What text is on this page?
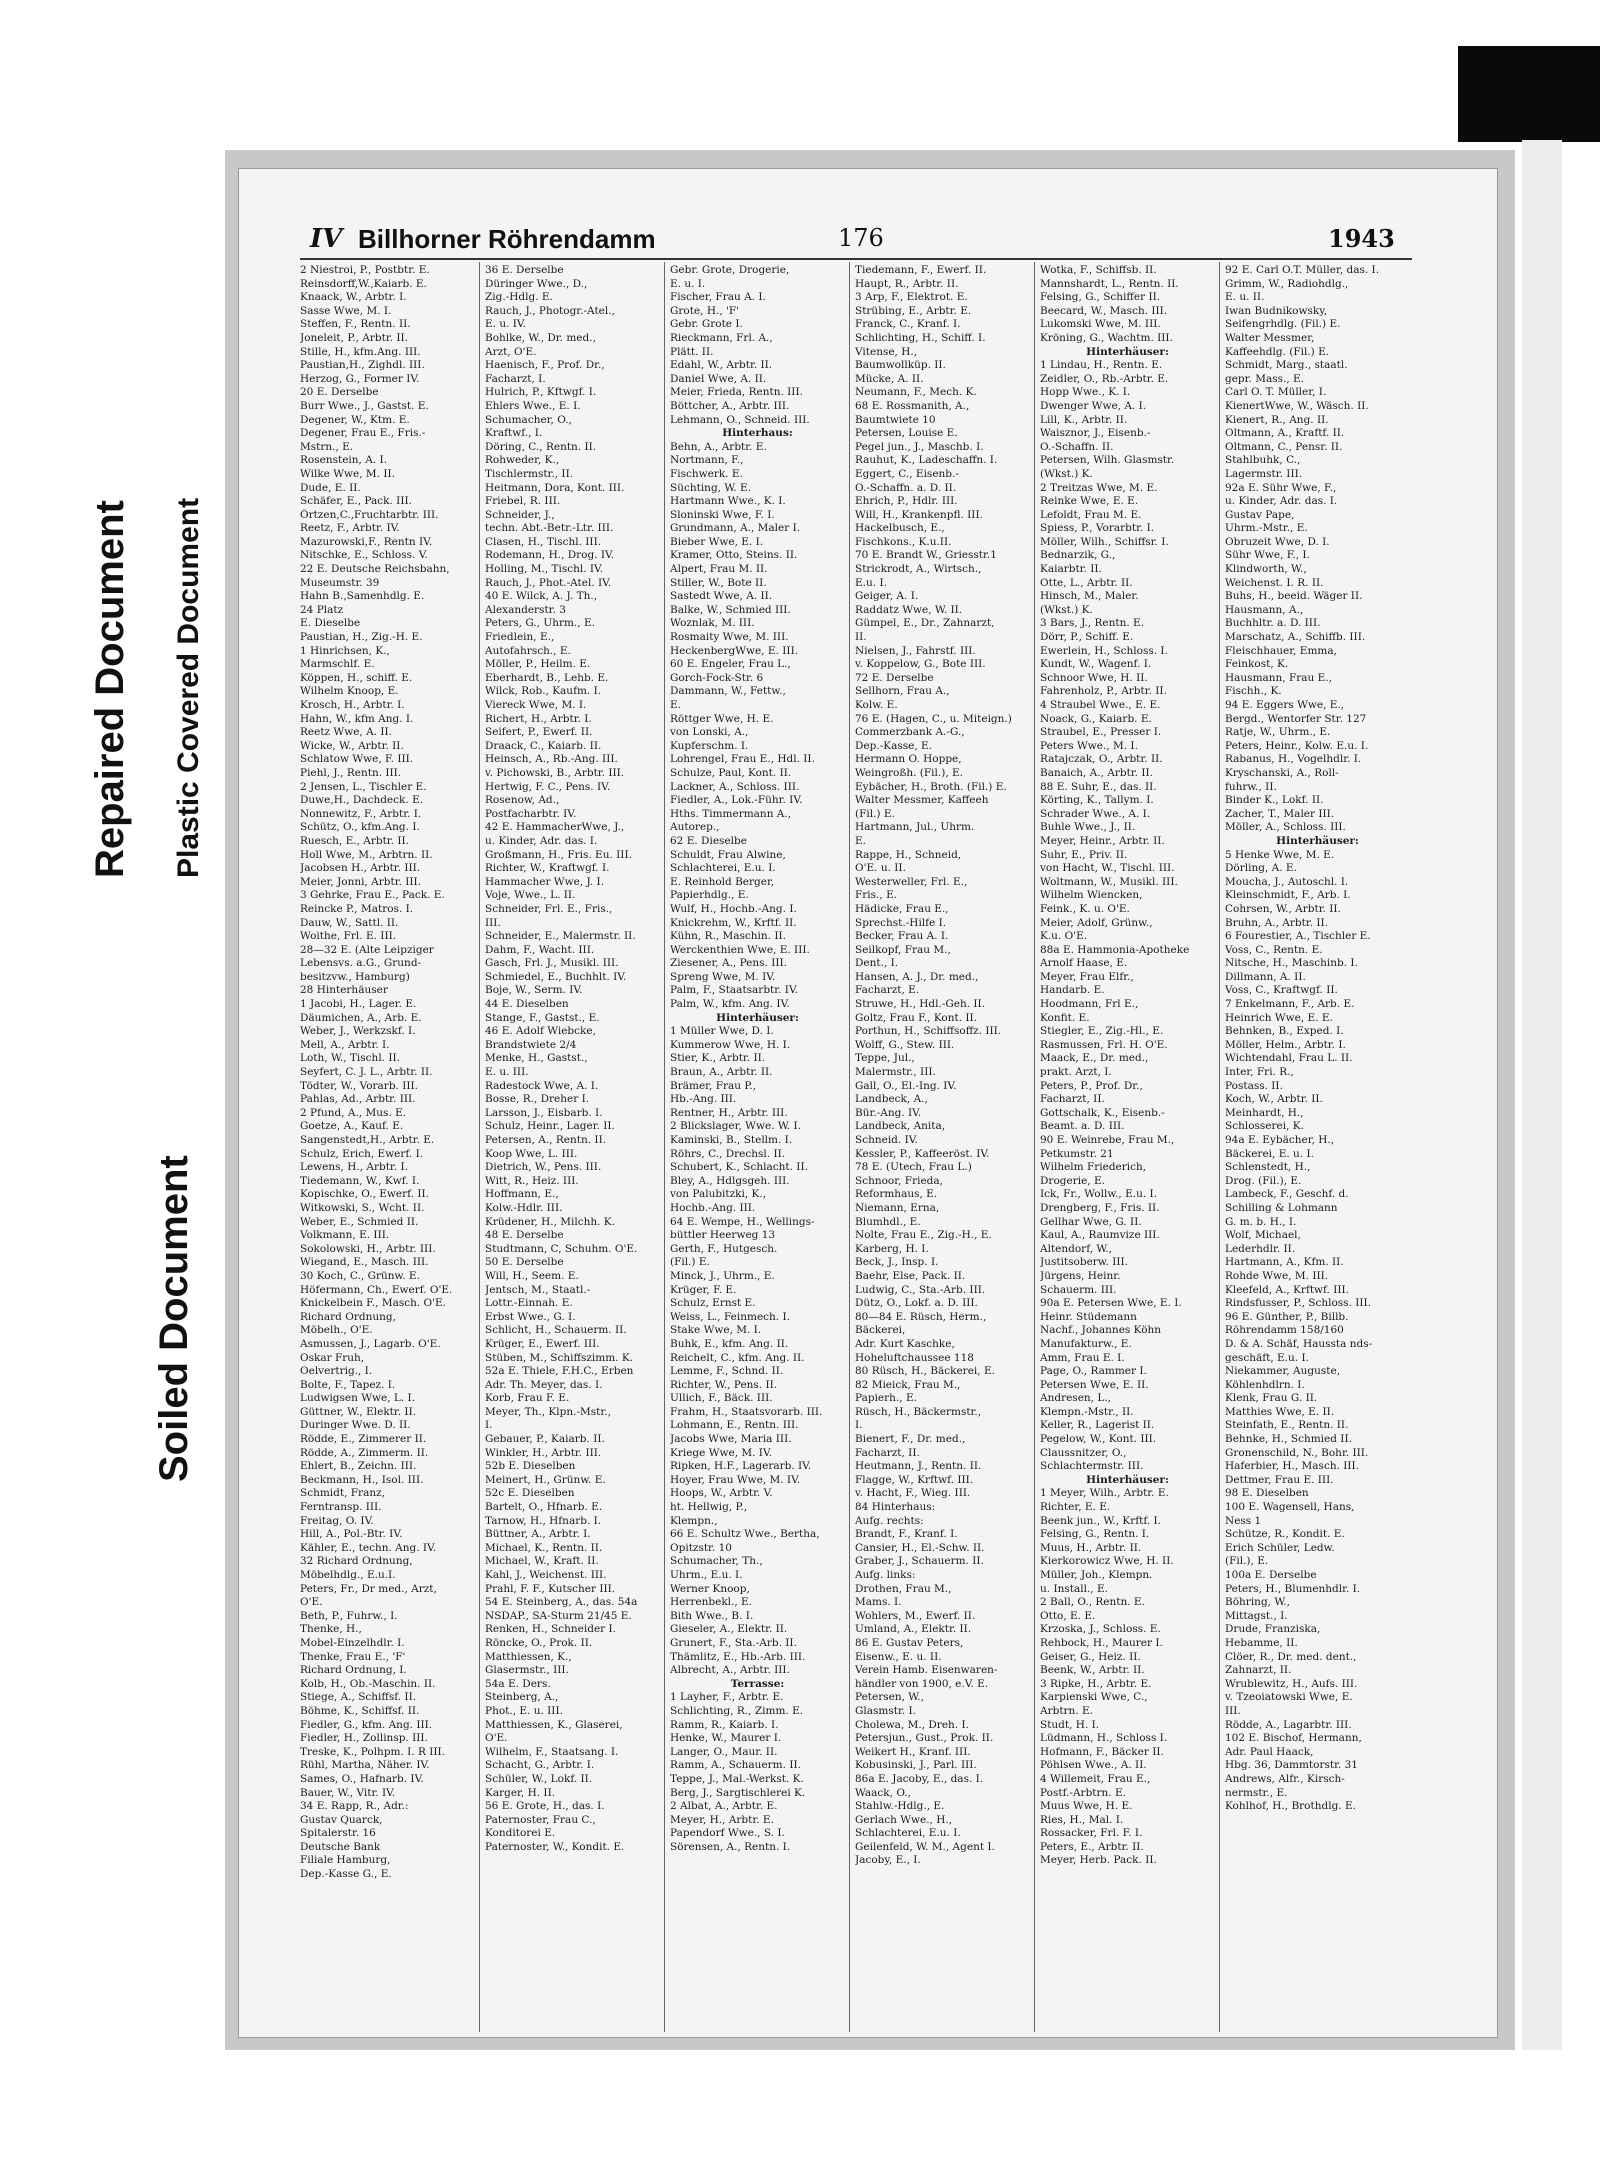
Repaired Document Plastic Covered Document
Soiled Document
IV Billhorner Röhrendamm	176	1943
2 Niestroi, P., Postbtr. E.
Reinsdorff,W.,Kaiarb. E.
Knaack, W., Arbtr. I.
Sasse Wwe, M. I.
Steffen, F., Rentn. II.
Joneleit, P., Arbtr. II.
Stille, H., kfm.Ang. III.
Paustian,H., Zighdl. III.
Herzog, G., Former IV.
20 E. Derselbe
Burr Wwe., J., Gastst. E.
Degener, W., Ktm. E.
Degener, Frau E., Fris.-
Mstrn., E.
Rosenstein, A. I.
Wilke Wwe, M. II.
Dude, E. II.
Schäfer, E., Pack. III.
Örtzen,C.,Fruchtarbtr. III.
Reetz, F., Arbtr. IV.
Mazurowski,F., Rentn IV.
Nitschke, E., Schloss. V.
22 E. Deutsche Reichsbahn,
Museumstr. 39
Hahn B.,Samenhdlg. E.
24 Platz
E. Dieselbe
Paustian, H., Zig.-H. E.
1 Hinrichsen, K.,
Marmschlf. E.
Köppen, H., schiff. E.
Wilhelm Knoop, E.
Krosch, H., Arbtr. I.
Hahn, W., kfm Ang. I.
Reetz Wwe, A. II.
Wicke, W., Arbtr. II.
Schlatow Wwe, F. III.
Piehl, J., Rentn. III.
2 Jensen, L., Tischler E.
Duwe,H., Dachdeck. E.
Nonnewitz, F., Arbtr. I.
Schütz, O., kfm.Ang. I.
Ruesch, E., Arbtr. II.
Holl Wwe, M., Arbtrn. II.
Jacobsen H., Arbtr. III.
Meier, Jonni, Arbtr. III.
3 Gehrke, Frau E., Pack. E.
Reincke P., Matros. I.
Dauw, W., Sattl. II.
Woithe, Frl. E. III.
28—32 E. (Alte Leipziger
Lebensvs. a.G., Grund-
besitzvw., Hamburg)
28 Hinterhäuser
1 Jacobi, H., Lager. E.
Däumichen, A., Arb. E.
Weber, J., Werkzskf. I.
Mell, A., Arbtr. I.
Loth, W., Tischl. II.
Seyfert, C. J. L., Arbtr. II.
Tödter, W., Vorarb. III.
Pahlas, Ad., Arbtr. III.
2 Pfund, A., Mus. E.
Goetze, A., Kauf. E.
Sangenstedt,H., Arbtr. E.
Schulz, Erich, Ewerf. I.
Lewens, H., Arbtr. I.
Tiedemann, W., Kwf. I.
Kopischke, O., Ewerf. II.
Witkowski, S., Wcht. II.
Weber, E., Schmied II.
Volkmann, E. III.
Sokolowski, H., Arbtr. III.
Wiegand, E., Masch. III.
30 Koch, C., Grünw. E.
Höfermann, Ch., Ewerf. O'E.
Knickelbein F., Masch. O'E.
Richard Ordnung,
Möbelh., O'E.
Asmussen, J., Lagarb. O'E.
Oskar Fruh,
Oelvertrig., I.
Bolte, F., Tapez. I.
Ludwigsen Wwe, L. I.
Güttner, W., Elektr. II.
Duringer Wwe. D. II.
Rödde, E., Zimmerer II.
Rödde, A., Zimmerm. II.
Ehlert, B., Zeichn. III.
Beckmann, H., Isol. III.
Schmidt, Franz,
Ferntransp. III.
Freitag, O. IV.
Hill, A., Pol.-Btr. IV.
Kähler, E., techn. Ang. IV.
32 Richard Ordnung,
Möbelhdlg., E.u.I.
Peters, Fr., Dr med., Arzt,
O'E.
Beth, P., Fuhrw., I.
Thenke, H.,
Mobel-Einzelhdlr. I.
Thenke, Frau E., 'F'
Richard Ordnung, I.
Kolb, H., Ob.-Maschin. II.
Stiege, A., Schiffsf. II.
Böhme, K., Schiffsf. II.
Fiedler, G., kfm. Ang. III.
Fiedler, H., Zollinsp. III.
Treske, K., Polhpm. I. R III.
Rühl, Martha, Näher. IV.
Sames, O., Hafnarb. IV.
Bauer, W., Vitr. IV.
34 E. Rapp, R., Adr.:
Gustav Quarck,
Spitalerstr. 16
Deutsche Bank
Filiale Hamburg,
Dep.-Kasse G., E.
36 E. Derselbe
Düringer Wwe., D.,
Zig.-Hdlg. E.
Rauch, J., Photogr.-Atel.,
E. u. IV.
Bohlke, W., Dr. med.,
Arzt, O'E.
Haenisch, F., Prof. Dr.,
Facharzt, I.
Hulrich, P., Kftwgf. I.
Ehlers Wwe., E. I.
Schumacher, O.,
Kraftwf., I.
Döring, C., Rentn. II.
Rohweder, K.,
Tischlermstr., II.
Heitmann, Dora, Kont. III.
Friebel, R. III.
Schneider, J.,
techn. Abt.-Betr.-Ltr. III.
Clasen, H., Tischl. III.
Rodemann, H., Drog. IV.
Holling, M., Tischl. IV.
Rauch, J., Phot.-Atel. IV.
40 E. Wilck, A. J. Th.,
Alexanderstr. 3
Peters, G., Uhrm., E.
Friedlein, E.,
Autofahrsch., E.
Möller, P., Heilm. E.
Eberhardt, B., Lehb. E.
Wilck, Rob., Kaufm. I.
Viereck Wwe, M. I.
Richert, H., Arbtr. I.
Seifert, P., Ewerf. II.
Draack, C., Kaiarb. II.
Heinsch, A., Rb.-Ang. III.
v. Pichowski, B., Arbtr. III.
Hertwig, F. C., Pens. IV.
Rosenow, Ad.,
Postfacharbtr. IV.
42 E. HammacherWwe, J.,
u. Kinder, Adr. das. I.
Großmann, H., Fris. Eu. III.
Richter, W., Kraftwgf. I.
Hammacher Wwe, J. I.
Voje, Wwe., L. II.
Schneider, Frl. E., Fris.,
III.
Schneider, E., Malermstr. II.
Dahm, F., Wacht. III.
Gasch, Frl. J., Musikl. III.
Schmiedel, E., Buchhlt. IV.
Boje, W., Serm. IV.
44 E. Dieselben
Stange, F., Gastst., E.
46 E. Adolf Wiebcke,
Brandstwiete 2/4
Menke, H., Gastst.,
E. u. III.
Radestock Wwe, A. I.
Bosse, R., Dreher I.
Larsson, J., Eisbarb. I.
Schulz, Heinr., Lager. II.
Petersen, A., Rentn. II.
Koop Wwe, L. III.
Dietrich, W., Pens. III.
Witt, R., Heiz. III.
Hoffmann, E.,
Kolw.-Hdlr. III.
Krüdener, H., Milchh. K.
48 E. Derselbe
Studtmann, C, Schuhm. O'E.
50 E. Derselbe
Will, H., Seem. E.
Jentsch, M., Staatl.-
Lottr.-Einnah. E.
Erbst Wwe., G. I.
Schlicht, H., Schauerm. II.
Krüger, E., Ewerf. III.
Stüben, M., Schiffszimm. K.
52a E. Thiele, F.H.C., Erben
Adr. Th. Meyer, das. I.
Korb, Frau F. E.
Meyer, Th., Klpn.-Mstr.,
I.
Gebauer, P., Kaiarb. II.
Winkler, H., Arbtr. III.
52b E. Dieselben
Meinert, H., Grünw. E.
52c E. Dieselben
Bartelt, O., Hfnarb. E.
Tarnow, H., Hfnarb. I.
Büttner, A., Arbtr. I.
Michael, K., Rentn. II.
Michael, W., Kraft. II.
Kahl, J., Weichenst. III.
Prahl, F. F., Kutscher III.
54 E. Steinberg, A., das. 54a
NSDAP., SA-Sturm 21/45 E.
Renken, H., Schneider I.
Röncke, O., Prok. II.
Matthiessen, K.,
Glasermstr., III.
54a E. Ders.
Steinberg, A.,
Phot., E. u. III.
Matthiessen, K., Glaserei,
O'E.
Wilhelm, F., Staatsang. I.
Schacht, G., Arbtr. I.
Schüler, W., Lokf. II.
Karger, H. II.
56 E. Grote, H., das. I.
Paternoster, Frau C.,
Konditorei E.
Paternoster, W., Kondit. E.
Gebr. Grote, Drogerie,
E. u. I.
Fischer, Frau A. I.
Grote, H., 'F'
Gebr. Grote I.
Rieckmann, Frl. A.,
Plätt. II.
Edahl, W., Arbtr. II.
Daniel Wwe, A. II.
Meier, Frieda, Rentn. III.
Böttcher, A., Arbtr. III.
Lehmann, O., Schneid. III.
Hinterhaus:
Behn, A., Arbtr. E.
Nortmann, F.,
Fischwerk. E.
Süchting, W. E.
Hartmann Wwe., K. I.
Sloninski Wwe, F. I.
Grundmann, A., Maler I.
Bieber Wwe, E. I.
Kramer, Otto, Steins. II.
Alpert, Frau M. II.
Stiller, W., Bote II.
Sastedt Wwe, A. II.
Balke, W., Schmied III.
Woznlak, M. III.
Rosmaity Wwe, M. III.
HeckenbergWwe, E. III.
60 E. Engeler, Frau L.,
Gorch-Fock-Str. 6
Dammann, W., Fettw.,
E.
Röttger Wwe, H. E.
von Lonski, A.,
Kupferschm. I.
Lohrengel, Frau E., Hdl. II.
Schulze, Paul, Kont. II.
Lackner, A., Schloss. III.
Fiedler, A., Lok.-Führ. IV.
Hths. Timmermann A.,
Autorep.,
62 E. Dieselbe
Schuldt, Frau Alwine,
Schlachterei, E.u. I.
E. Reinhold Berger,
Papierhdlg., E.
Wulf, H., Hochb.-Ang. I.
Knickrehm, W., Krftf. II.
Kühn, R., Maschin. II.
Werckenthien Wwe, E. III.
Ziesener, A., Pens. III.
Spreng Wwe, M. IV.
Palm, F., Staatsarbtr. IV.
Palm, W., kfm. Ang. IV.
Hinterhäuser:
1 Müller Wwe, D. I.
Kummerow Wwe, H. I.
Stier, K., Arbtr. II.
Braun, A., Arbtr. II.
Brämer, Frau P.,
Hb.-Ang. III.
Rentner, H., Arbtr. III.
2 Blickslager, Wwe. W. I.
Kaminski, B., Stellm. I.
Röhrs, C., Drechsl. II.
Schubert, K., Schlacht. II.
Bley, A., Hdlgsgeh. III.
von Palubitzki, K.,
Hochb.-Ang. III.
64 E. Wempe, H., Wellings-
büttler Heerweg 13
Gerth, F., Hutgesch.
(Fil.) E.
Minck, J., Uhrm., E.
Krüger, F. E.
Schulz, Ernst E.
Weiss, L., Feinmech. I.
Stake Wwe, M. I.
Buhk, E., kfm. Ang. II.
Reichelt, C., kfm. Ang. II.
Lemme, F., Schnd. II.
Richter, W., Pens. II.
Ullich, F., Bäck. III.
Frahm, H., Staatsvorarb. III.
Lohmann, E., Rentn. III.
Jacobs Wwe, Maria III.
Kriege Wwe, M. IV.
Ripken, H.F., Lagerarb. IV.
Hoyer, Frau Wwe, M. IV.
Hoops, W., Arbtr. V.
ht. Hellwig, P.,
Klempn.,
66 E. Schultz Wwe., Bertha,
Opitzstr. 10
Schumacher, Th.,
Uhrm., E.u. I.
Werner Knoop,
Herrenbekl., E.
Bith Wwe., B. I.
Gieseler, A., Elektr. II.
Grunert, F., Sta.-Arb. II.
Thämlitz, E., Hb.-Arb. III.
Albrecht, A., Arbtr. III.
Terrasse:
1 Layher, F., Arbtr. E.
Schlichting, R., Zimm. E.
Ramm, R., Kaiarb. I.
Henke, W., Maurer I.
Langer, O., Maur. II.
Ramm, A., Schauerm. II.
Teppe, J., Mal.-Werkst. K.
Berg, J., Sargtischlerei K.
2 Albat, A., Arbtr. E.
Meyer, H., Arbtr. E.
Papendorf Wwe., S. I.
Sörensen, A., Rentn. I.
Tiedemann, F., Ewerf. II.
Haupt, R., Arbtr. II.
3 Arp, F., Elektrot. E.
Strübing, E., Arbtr. E.
Franck, C., Kranf. I.
Schlichting, H., Schiff. I.
Vitense, H.,
Baumwollküp. II.
Mücke, A. II.
Neumann, F., Mech. K.
68 E. Rossmanith, A.,
Baumtwiete 10
Petersen, Louise E.
Pegel jun., J., Maschb. I.
Rauhut, K., Ladeschaffn. I.
Eggert, C., Eisenb.-
O.-Schaffn. a. D. II.
Ehrich, P., Hdlr. III.
Will, H., Krankenpfl. III.
Hackelbusch, E.,
Fischkons., K.u.II.
70 E. Brandt W., Griesstr.1
Strickrodt, A., Wirtsch.,
E.u. I.
Geiger, A. I.
Raddatz Wwe, W. II.
Gümpel, E., Dr., Zahnarzt,
II.
Nielsen, J., Fahrstf. III.
v. Koppelow, G., Bote III.
72 E. Derselbe
Sellhorn, Frau A.,
Kolw. E.
76 E. (Hagen, C., u. Miteign.)
Commerzbank A.-G.,
Dep.-Kasse, E.
Hermann O. Hoppe,
Weingroßh. (Fil.), E.
Eybächer, H., Broth. (Fil.) E.
Walter Messmer, Kaffeeh
(Fil.) E.
Hartmann, Jul., Uhrm.
E.
Rappe, H., Schneid,
O'E. u. II.
Westerweller, Frl. E.,
Fris., E.
Hädicke, Frau E.,
Sprechst.-Hilfe I.
Becker, Frau A. I.
Seilkopf, Frau M.,
Dent., I.
Hansen, A. J., Dr. med.,
Facharzt, E.
Struwe, H., Hdl.-Geh. II.
Goltz, Frau F., Kont. II.
Porthun, H., Schiffsoffz. III.
Wolff, G., Stew. III.
Teppe, Jul.,
Malermstr., III.
Gall, O., El.-Ing. IV.
Landbeck, A.,
Bür.-Ang. IV.
Landbeck, Anita,
Schneid. IV.
Kessler, P., Kaffeeröst. IV.
78 E. (Utech, Frau L.)
Schnoor, Frieda,
Reformhaus, E.
Niemann, Erna,
Blumhdl., E.
Nolte, Frau E., Zig.-H., E.
Karberg, H. I.
Beck, J., Insp. I.
Baehr, Else, Pack. II.
Ludwig, C., Sta.-Arb. III.
Dütz, O., Lokf. a. D. III.
80—84 E. Rüsch, Herm.,
Bäckerei,
Adr. Kurt Kaschke,
Hoheluftchaussee 118
80 Rüsch, H., Bäckerei, E.
82 Mieick, Frau M.,
Papierh., E.
Rüsch, H., Bäckermstr.,
I.
Bienert, F., Dr. med.,
Facharzt, II.
Heutmann, J., Rentn. II.
Flagge, W., Krftwf. III.
v. Hacht, F., Wieg. III.
84 Hinterhaus:
Aufg. rechts:
Brandt, F., Kranf. I.
Cansier, H., El.-Schw. II.
Graber, J., Schauerm. II.
Aufg. links:
Drothen, Frau M.,
Mams. I.
Wohlers, M., Ewerf. II.
Umland, A., Elektr. II.
86 E. Gustav Peters,
Eisenw., E. u. II.
Verein Hamb. Eisenwaren-
händler von 1900, e.V. E.
Petersen, W.,
Glasmstr. I.
Cholewa, M., Dreh. I.
Petersjun., Gust., Prok. II.
Weikert H., Kranf. III.
Kobusinski, J., Parl. III.
86a E. Jacoby, E., das. I.
Waack, O.,
Stahlw.-Hdlg., E.
Gerlach Wwe., H.,
Schlachterei, E.u. I.
Geilenfeld, W. M., Agent I.
Jacoby, E., I.
Wotka, F., Schiffsb. II.
Mannshardt, L., Rentn. II.
Felsing, G., Schiffer II.
Beecard, W., Masch. III.
Lukomski Wwe, M. III.
Kröning, G., Wachtm. III.
Hinterhäuser:
1 Lindau, H., Rentn. E.
Zeidler, O., Rb.-Arbtr. E.
Hopp Wwe., K. I.
Dwenger Wwe, A. I.
Lill, K., Arbtr. II.
Waisznor, J., Eisenb.-
O.-Schaffn. II.
Petersen, Wilh. Glasmstr.
(Wkst.) K.
2 Treitzas Wwe, M. E.
Reinke Wwe, E. E.
Lefoldt, Frau M. E.
Spiess, P., Vorarbtr. I.
Möller, Wilh., Schiffsr. I.
Bednarzik, G.,
Kaiarbtr. II.
Otte, L., Arbtr. II.
Hinsch, M., Maler.
(Wkst.) K.
3 Bars, J., Rentn. E.
Dörr, P., Schiff. E.
Ewerlein, H., Schloss. I.
Kundt, W., Wagenf. I.
Schnoor Wwe, H. II.
Fahrenholz, P., Arbtr. II.
4 Straubel Wwe., E. E.
Noack, G., Kaiarb. E.
Straubel, E., Presser I.
Peters Wwe., M. I.
Ratajczak, O., Arbtr. II.
Banaich, A., Arbtr. II.
88 E. Suhr, E., das. II.
Körting, K., Tallym. I.
Schrader Wwe., A. I.
Buhle Wwe., J., II.
Meyer, Heinr., Arbtr. II.
Suhr, E., Priv. II.
von Hacht, W., Tischl. III.
Woltmann, W., Musikl. III.
Wilhelm Wiencken,
Feink., K. u. O'E.
Meier, Adolf, Grünw.,
K.u. O'E.
88a E. Hammonia-Apotheke
Arnolf Haase, E.
Meyer, Frau Elfr.,
Handarb. E.
Hoodmann, Frl E.,
Konfit. E.
Stiegler, E., Zig.-Hl., E.
Rasmussen, Frl. H. O'E.
Maack, E., Dr. med.,
prakt. Arzt, I.
Peters, P., Prof. Dr.,
Facharzt, II.
Gottschalk, K., Eisenb.-
Beamt. a. D. III.
90 E. Weinrebe, Frau M.,
Petkumstr. 21
Wilhelm Friederich,
Drogerie, E.
Ick, Fr., Wollw., E.u. I.
Drengberg, F., Fris. II.
Gellhar Wwe, G. II.
Kaul, A., Raumvize III.
Altendorf, W.,
Justitsoberw. III.
Jürgens, Heinr.
Schauerm. III.
90a E. Petersen Wwe, E. I.
Heinr. Stüdemann
Nachf., Johannes Köhn
Manufakturw., E.
Amm, Frau E. I.
Page, O., Rammer I.
Petersen Wwe, E. II.
Andresen, L.,
Klempn.-Mstr., II.
Keller, R., Lagerist II.
Pegelow, W., Kont. III.
Claussnitzer, O.,
Schlachtermstr. III.
Hinterhäuser:
1 Meyer, Wilh., Arbtr. E.
Richter, E. E.
Beenk jun., W., Krftf. I.
Felsing, G., Rentn. I.
Muus, H., Arbtr. II.
Kierkorowicz Wwe, H. II.
Müller, Joh., Klempn.
u. Install., E.
2 Ball, O., Rentn. E.
Otto, E. E.
Krzoska, J., Schloss. E.
Rehbock, H., Maurer I.
Geiser, G., Heiz. II.
Beenk, W., Arbtr. II.
3 Ripke, H., Arbtr. E.
Karpienski Wwe, C.,
Arbtrn. E.
Studt, H. I.
Lüdmann, H., Schloss I.
Hofmann, F., Bäcker II.
Pöhlsen Wwe., A. II.
4 Willemeit, Frau E.,
Postf.-Arbtrn. E.
Muus Wwe, H. E.
Ries, H., Mal. I.
Rossacker, Frl. F. I.
Peters, E., Arbtr. II.
Meyer, Herb. Pack. II.
92 E. Carl O.T. Müller, das. I.
Grimm, W., Radiohdlg.,
E. u. II.
Iwan Budnikowsky,
Seifengrhdlg. (Fil.) E.
Walter Messmer,
Kaffeehdlg. (Fil.) E.
Schmidt, Marg., staatl.
gepr. Mass., E.
Carl O. T. Müller, I.
KienertWwe, W., Wäsch. II.
Kienert, R., Ang. II.
Oltmann, A., Kraftf. II.
Oltmann, C., Pensr. II.
Stahlbuhk, C.,
Lagermstr. III.
92a E. Sühr Wwe, F.,
u. Kinder, Adr. das. I.
Gustav Pape,
Uhrm.-Mstr., E.
Obruzeit Wwe, D. I.
Sühr Wwe, F., I.
Klindworth, W.,
Weichenst. I. R. II.
Buhs, H., beeid. Wäger II.
Hausmann, A.,
Buchhltr. a. D. III.
Marschatz, A., Schiffb. III.
Fleischhauer, Emma,
Feinkost, K.
Hausmann, Frau E.,
Fischh., K.
94 E. Eggers Wwe, E.,
Bergd., Wentorfer Str. 127
Ratje, W., Uhrm., E.
Peters, Heinr., Kolw. E.u. I.
Rabanus, H., Vogelhdlr. I.
Kryschanski, A., Roll-
fuhrw., II.
Binder K., Lokf. II.
Zacher, T., Maler III.
Möller, A., Schloss. III.
Hinterhäuser:
5 Henke Wwe, M. E.
Dörling, A. E.
Moucha, J., Autoschl. I.
Kleinschmidt, F., Arb. I.
Cohrsen, W., Arbtr. II.
Bruhn, A., Arbtr. II.
6 Fourestier, A., Tischler E.
Voss, C., Rentn. E.
Nitsche, H., Maschinb. I.
Dillmann, A. II.
Voss, C., Kraftwgf. II.
7 Enkelmann, F., Arb. E.
Heinrich Wwe, E. E.
Behnken, B., Exped. I.
Möller, Helm., Arbtr. I.
Wichtendahl, Frau L. II.
Inter, Fri. R.,
Postass. II.
Koch, W., Arbtr. II.
Meinhardt, H.,
Schlosserei, K.
94a E. Eybächer, H.,
Bäckerei, E. u. I.
Schlenstedt, H.,
Drog. (Fil.), E.
Lambeck, F., Geschf. d.
Schilling & Lohmann
G. m. b. H., I.
Wolf, Michael,
Lederhdlr. II.
Hartmann, A., Kfm. II.
Rohde Wwe, M. III.
Kleefeld, A., Krftwf. III.
Rindsfusser, P., Schloss. III.
96 E. Günther, P., Billb.
Röhrendamm 158/160
D. & A. Schäf, Haussta nds-
geschäft, E.u. I.
Niekammer, Auguste,
Köhlenhdlrn. I.
Klenk, Frau G. II.
Matthies Wwe, E. II.
Steinfath, E., Rentn. II.
Behnke, H., Schmied II.
Gronenschild, N., Bohr. III.
Haferbier, H., Masch. III.
Dettmer, Frau E. III.
98 E. Dieselben
100 E. Wagensell, Hans,
Ness 1
Schütze, R., Kondit. E.
Erich Schüler, Ledw.
(Fil.), E.
100a E. Derselbe
Peters, H., Blumenhdlr. I.
Böhring, W.,
Mittagst., I.
Drude, Franziska,
Hebamme, II.
Clöer, R., Dr. med. dent.,
Zahnarzt, II.
Wrublewitz, H., Aufs. III.
v. Tzeoiatowski Wwe, E.
III.
Rödde, A., Lagarbtr. III.
102 E. Bischof, Hermann,
Adr. Paul Haack,
Hbg. 36, Dammtorstr. 31
Andrews, Alfr., Kirsch-
nermstr., E.
Kohlhof, H., Brothdlg. E.
1
1
1
1
1
1
1
1
1
1
